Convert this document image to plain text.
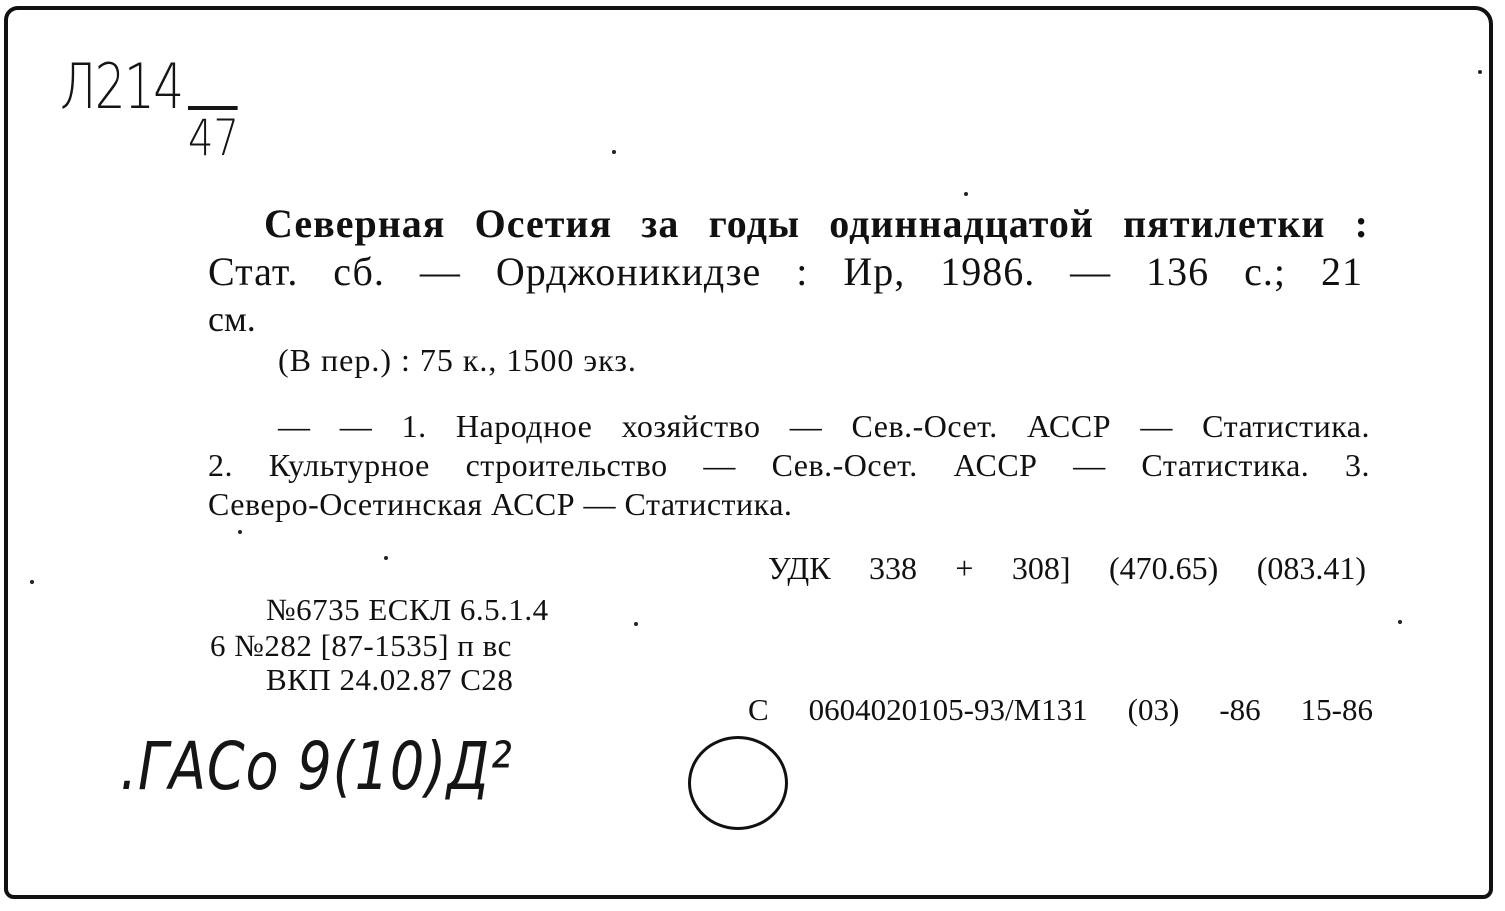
Л214
47
Северная Осетия за годы одиннадцатой пятилетки :
Стат. сб. — Орджоникидзе : Ир, 1986. — 136 с.; 21
см.
(В пер.) : 75 к., 1500 экз.
— — 1. Народное хозяйство — Сев.-Осет. АССР — Статистика.
2. Культурное строительство — Сев.-Осет. АССР — Статистика. 3.
Северо-Осетинская АССР — Статистика.
УДК 338 + 308] (470.65) (083.41)
№6735 ЕСКЛ 6.5.1.4
6 №282 [87-1535] п вс
ВКП 24.02.87 С28
С 0604020105-93/М131 (03) -86 15-86
.ГАСо 9(10)Д²
